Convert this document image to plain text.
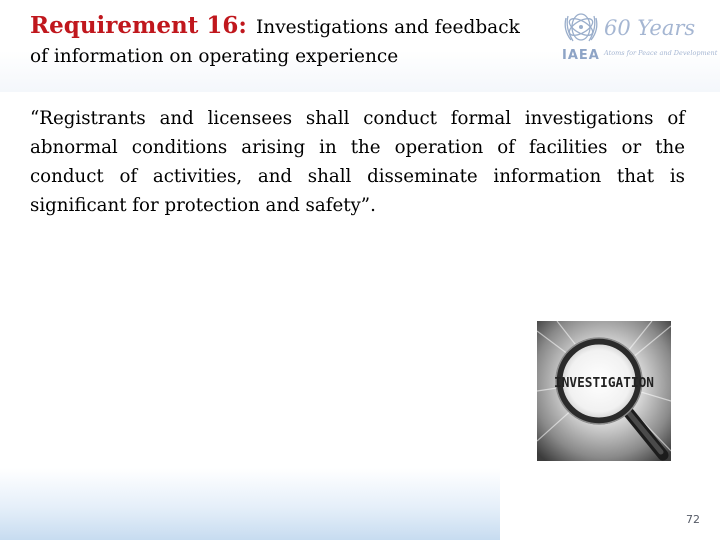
Requirement 16: Investigations and feedback
of information on operating experience	IAEA
60 Years
Atoms for Peace and Development

“Registrants and licensees shall conduct formal investigations of abnormal conditions arising in the operation of facilities or the conduct of activities, and shall disseminate information that is significant for protection and safety”.

INVESTIGATION
72
